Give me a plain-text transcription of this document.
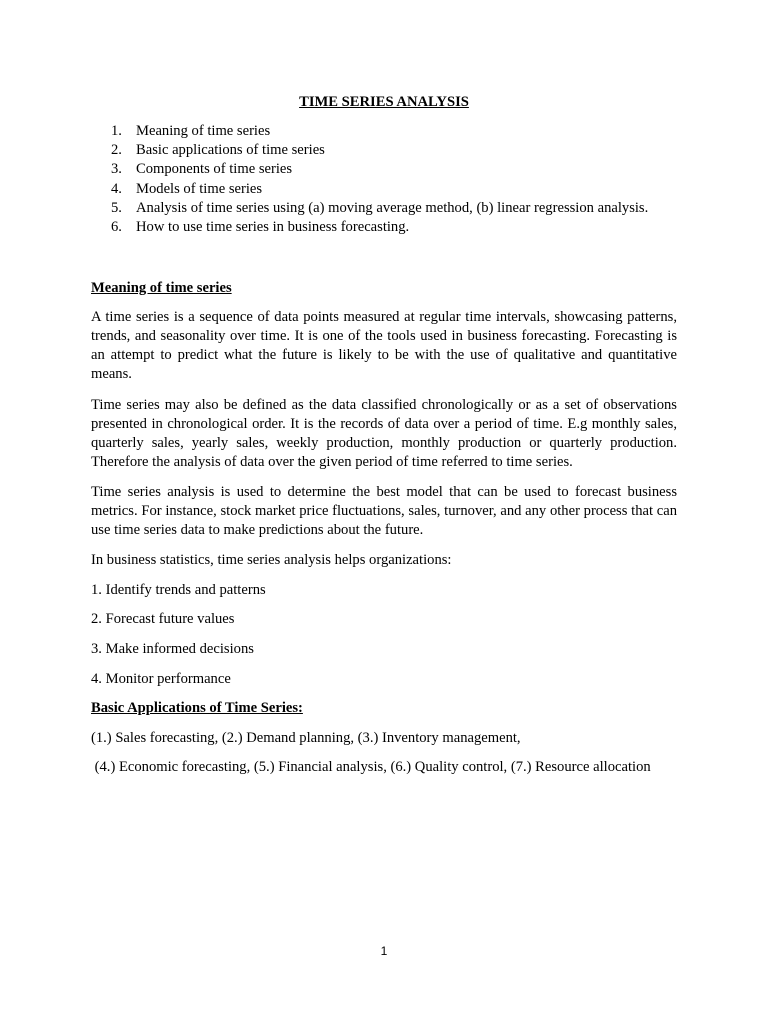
TIME SERIES ANALYSIS
1. Meaning of time series
2. Basic applications of time series
3. Components of time series
4. Models of time series
5. Analysis of time series using (a) moving average method, (b) linear regression analysis.
6. How to use time series in business forecasting.
Meaning of time series

A time series is a sequence of data points measured at regular time intervals, showcasing patterns, trends, and seasonality over time. It is one of the tools used in business forecasting. Forecasting is an attempt to predict what the future is likely to be with the use of qualitative and quantitative means.

Time series may also be defined as the data classified chronologically or as a set of observations presented in chronological order. It is the records of data over a period of time. E.g monthly sales, quarterly sales, yearly sales, weekly production, monthly production or quarterly production. Therefore the analysis of data over the given period of time referred to time series.

Time series analysis is used to determine the best model that can be used to forecast business metrics. For instance, stock market price fluctuations, sales, turnover, and any other process that can use time series data to make predictions about the future.

In business statistics, time series analysis helps organizations:

1. Identify trends and patterns

2. Forecast future values

3. Make informed decisions

4. Monitor performance

Basic Applications of Time Series:

(1.) Sales forecasting, (2.) Demand planning, (3.) Inventory management,

(4.) Economic forecasting, (5.) Financial analysis, (6.) Quality control, (7.) Resource allocation

1
